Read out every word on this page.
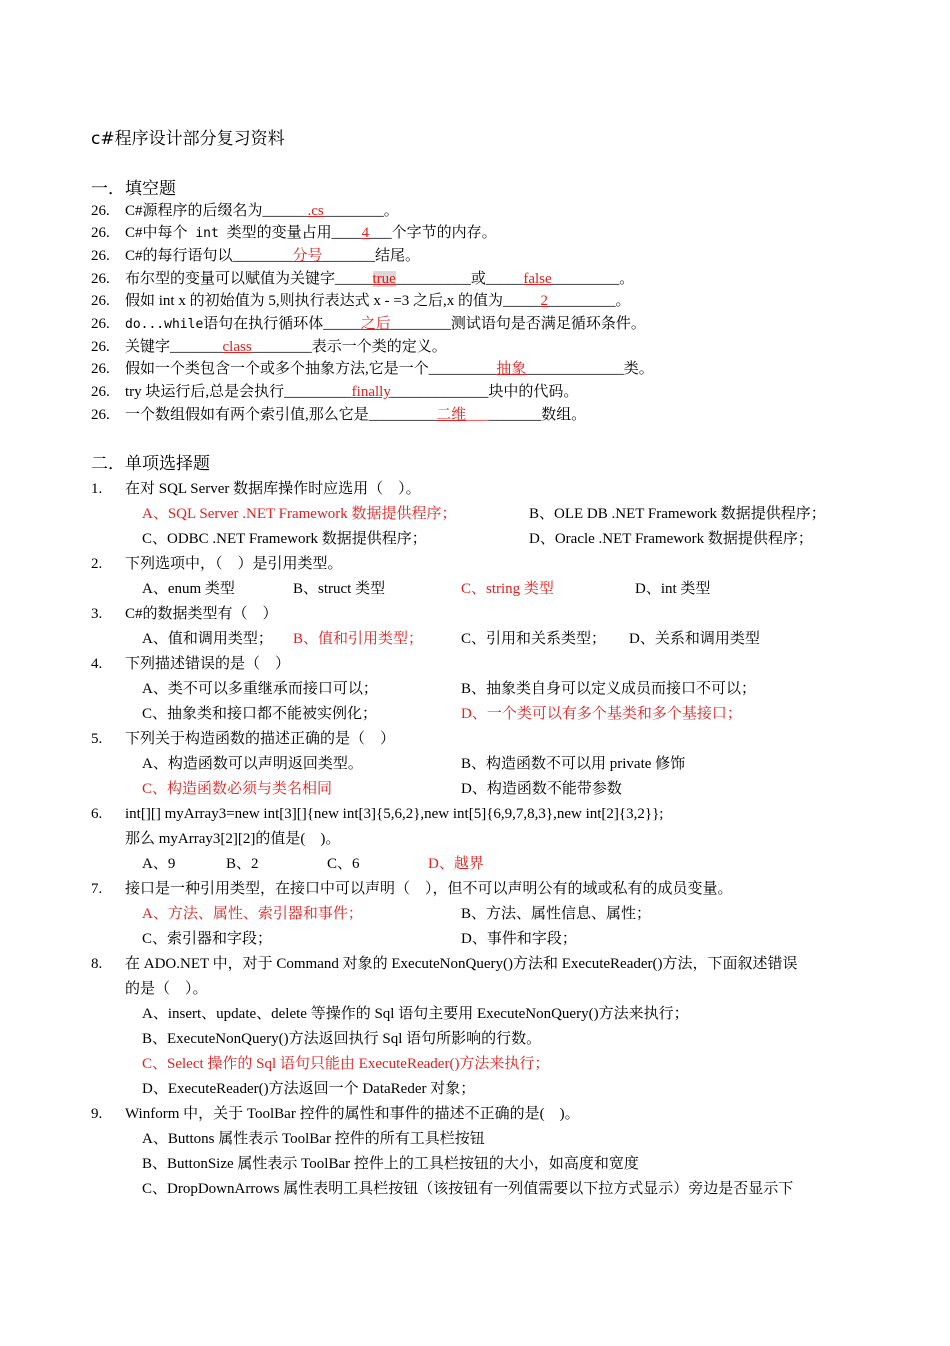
c#程序设计部分复习资料
一．填空题
26. C#源程序的后缀名为______.cs________。
26. C#中每个 int 类型的变量占用____4___个字节的内存。
26. C#的每行语句以________分号_______结尾。
26. 布尔型的变量可以赋值为关键字_____true__________或_____false_________。
26. 假如 int x 的初始值为 5,则执行表达式 x - =3 之后,x 的值为_____2_________。
26. do...while语句在执行循环体_____之后________测试语句是否满足循环条件。
26. 关键字_______class________表示一个类的定义。
26. 假如一个类包含一个或多个抽象方法,它是一个_________抽象_____________类。
26. try 块运行后,总是会执行_________finally_____________块中的代码。
26. 一个数组假如有两个索引值,那么它是_________二维__________数组。
二．单项选择题
1. 在对 SQL Server 数据库操作时应选用（　）。
A、SQL Server .NET Framework 数据提供程序；	B、OLE DB .NET Framework 数据提供程序；
C、ODBC .NET Framework 数据提供程序；	D、Oracle .NET Framework 数据提供程序；
2. 下列选项中，（　）是引用类型。
A、enum 类型	B、struct 类型	C、string 类型	D、int 类型
3. C#的数据类型有（　）
A、值和调用类型； B、值和引用类型；	C、引用和关系类型； D、关系和调用类型
4. 下列描述错误的是（　）
A、类不可以多重继承而接口可以；	B、抽象类自身可以定义成员而接口不可以；
C、抽象类和接口都不能被实例化；	D、一个类可以有多个基类和多个基接口；
5. 下列关于构造函数的描述正确的是（　）
A、构造函数可以声明返回类型。	B、构造函数不可以用 private 修饰
C、构造函数必须与类名相同	D、构造函数不能带参数
6. int[][] myArray3=new int[3][]{new int[3]{5,6,2},new int[5]{6,9,7,8,3},new int[2]{3,2}};
那么 myArray3[2][2]的值是(　)。
A、9	B、2	C、6	D、越界
7. 接口是一种引用类型，在接口中可以声明（　），但不可以声明公有的域或私有的成员变量。
A、方法、属性、索引器和事件；	B、方法、属性信息、属性；
C、索引器和字段；	D、事件和字段；
8. 在 ADO.NET 中，对于 Command 对象的 ExecuteNonQuery()方法和 ExecuteReader()方法，下面叙述错误
的是（　）。
A、insert、update、delete 等操作的 Sql 语句主要用 ExecuteNonQuery()方法来执行；
B、ExecuteNonQuery()方法返回执行 Sql 语句所影响的行数。
C、Select 操作的 Sql 语句只能由 ExecuteReader()方法来执行；
D、ExecuteReader()方法返回一个 DataReder 对象；
9. Winform 中，关于 ToolBar 控件的属性和事件的描述不正确的是(　)。
A、Buttons 属性表示 ToolBar 控件的所有工具栏按钮
B、ButtonSize 属性表示 ToolBar 控件上的工具栏按钮的大小，如高度和宽度
C、DropDownArrows 属性表明工具栏按钮（该按钮有一列值需要以下拉方式显示）旁边是否显示下
